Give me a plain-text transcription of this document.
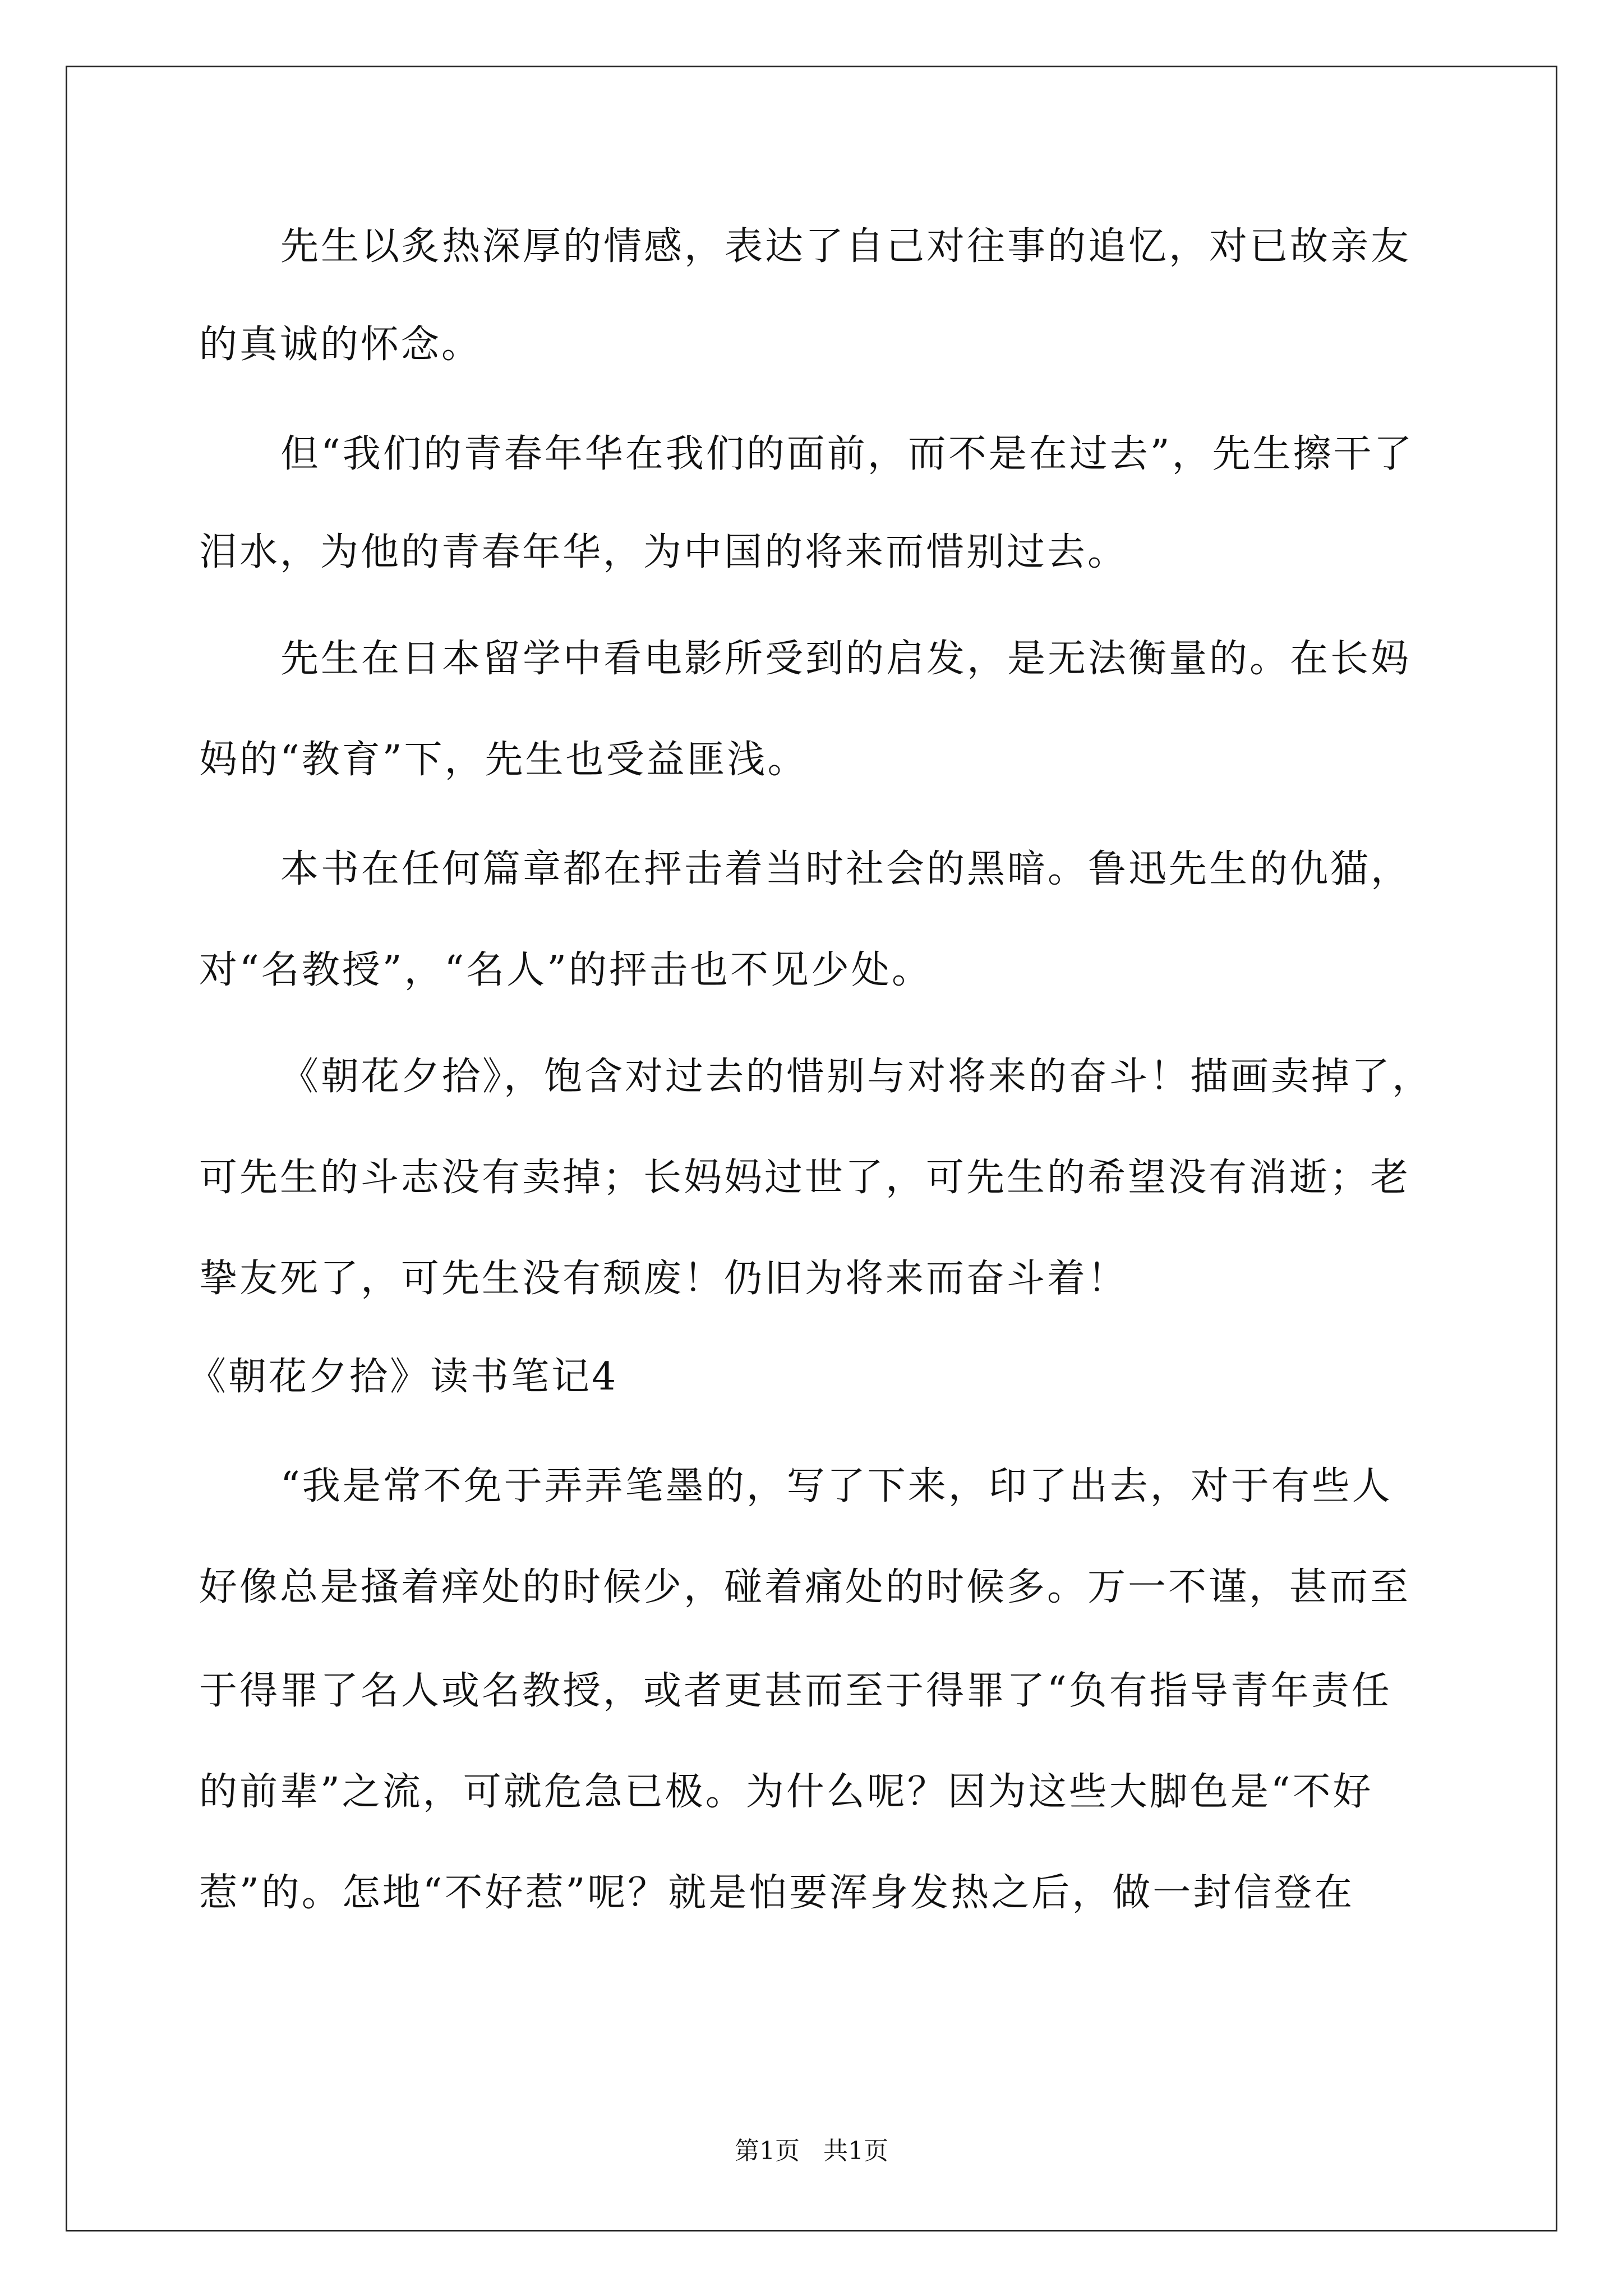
先生以炙热深厚的情感，表达了自己对往事的追忆，对已故亲友
的真诚的怀念。
但“我们的青春年华在我们的面前，而不是在过去”，先生擦干了
泪水，为他的青春年华，为中国的将来而惜别过去。
先生在日本留学中看电影所受到的启发，是无法衡量的。在长妈
妈的“教育”下，先生也受益匪浅。
本书在任何篇章都在抨击着当时社会的黑暗。鲁迅先生的仇猫，
对“名教授”，“名人”的抨击也不见少处。
《朝花夕拾》，饱含对过去的惜别与对将来的奋斗！描画卖掉了，
可先生的斗志没有卖掉；长妈妈过世了，可先生的希望没有消逝；老
挚友死了，可先生没有颓废！仍旧为将来而奋斗着！
《朝花夕拾》读书笔记4
“我是常不免于弄弄笔墨的，写了下来，印了出去，对于有些人
好像总是搔着痒处的时候少，碰着痛处的时候多。万一不谨，甚而至
于得罪了名人或名教授，或者更甚而至于得罪了“负有指导青年责任
的前辈”之流，可就危急已极。为什么呢？因为这些大脚色是“不好
惹”的。怎地“不好惹”呢？就是怕要浑身发热之后，做一封信登在
第1页   共1页
